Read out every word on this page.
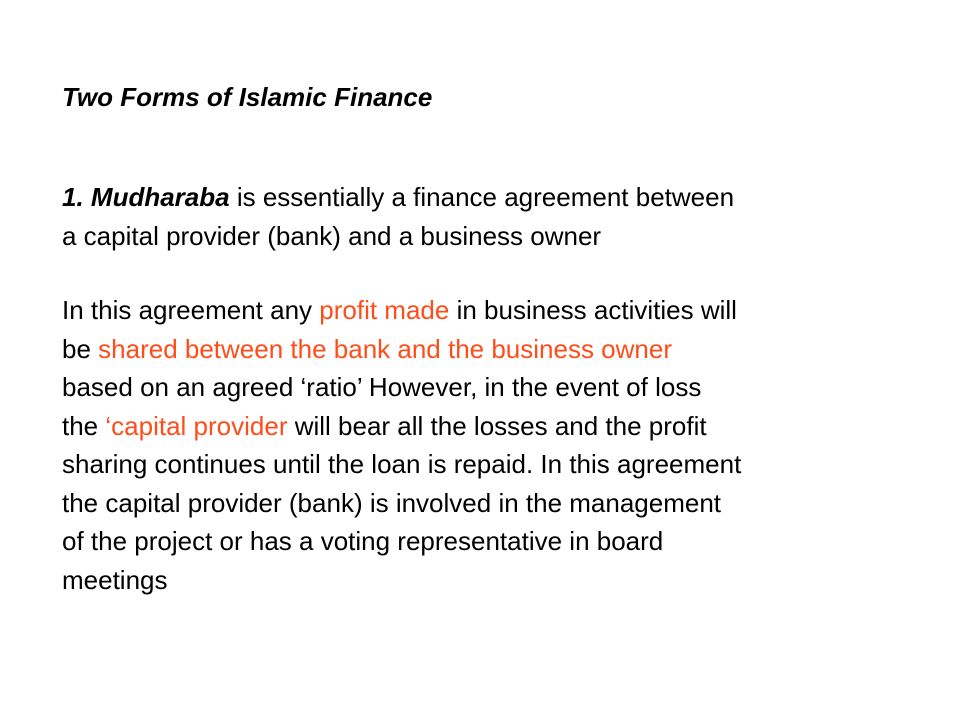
Two Forms of Islamic Finance
1. Mudharaba is essentially a finance agreement between
a capital provider (bank) and a business owner
In this agreement any profit made in business activities will
be shared between the bank and the business owner
based on an agreed ‘ratio’ However, in the event of loss
the ‘capital provider will bear all the losses and the profit
sharing continues until the loan is repaid. In this agreement
the capital provider (bank) is involved in the management
of the project or has a voting representative in board
meetings
